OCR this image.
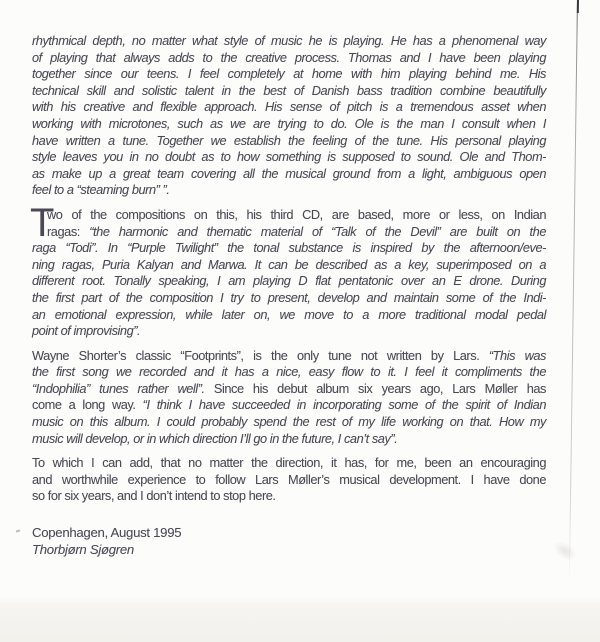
rhythmical depth, no matter what style of music he is playing. He has a phenomenal way
of playing that always adds to the creative process. Thomas and I have been playing
together since our teens. I feel completely at home with him playing behind me. His
technical skill and solistic talent in the best of Danish bass tradition combine beautifully
with his creative and flexible approach. His sense of pitch is a tremendous asset when
working with microtones, such as we are trying to do. Ole is the man I consult when I
have written a tune. Together we establish the feeling of the tune. His personal playing
style leaves you in no doubt as to how something is supposed to sound. Ole and Thom-
as make up a great team covering all the musical ground from a light, ambiguous open
feel to a “steaming burn” ”.
T
wo of the compositions on this, his third CD, are based, more or less, on Indian
ragas: “the harmonic and thematic material of “Talk of the Devil” are built on the
raga “Todi”. In “Purple Twilight” the tonal substance is inspired by the afternoon/eve-
ning ragas, Puria Kalyan and Marwa. It can be described as a key, superimposed on a
different root. Tonally speaking, I am playing D flat pentatonic over an E drone. During
the first part of the composition I try to present, develop and maintain some of the Indi-
an emotional expression, while later on, we move to a more traditional modal pedal
point of improvising”.
Wayne Shorter’s classic “Footprints”, is the only tune not written by Lars. “This was
the first song we recorded and it has a nice, easy flow to it. I feel it compliments the
“Indophilia” tunes rather well”. Since his debut album six years ago, Lars Møller has
come a long way. “I think I have succeeded in incorporating some of the spirit of Indian
music on this album. I could probably spend the rest of my life working on that. How my
music will develop, or in which direction I’ll go in the future, I can’t say”.
To which I can add, that no matter the direction, it has, for me, been an encouraging
and worthwhile experience to follow Lars Møller’s musical development. I have done
so for six years, and I don’t intend to stop here.
Copenhagen, August 1995
Thorbjørn Sjøgren
